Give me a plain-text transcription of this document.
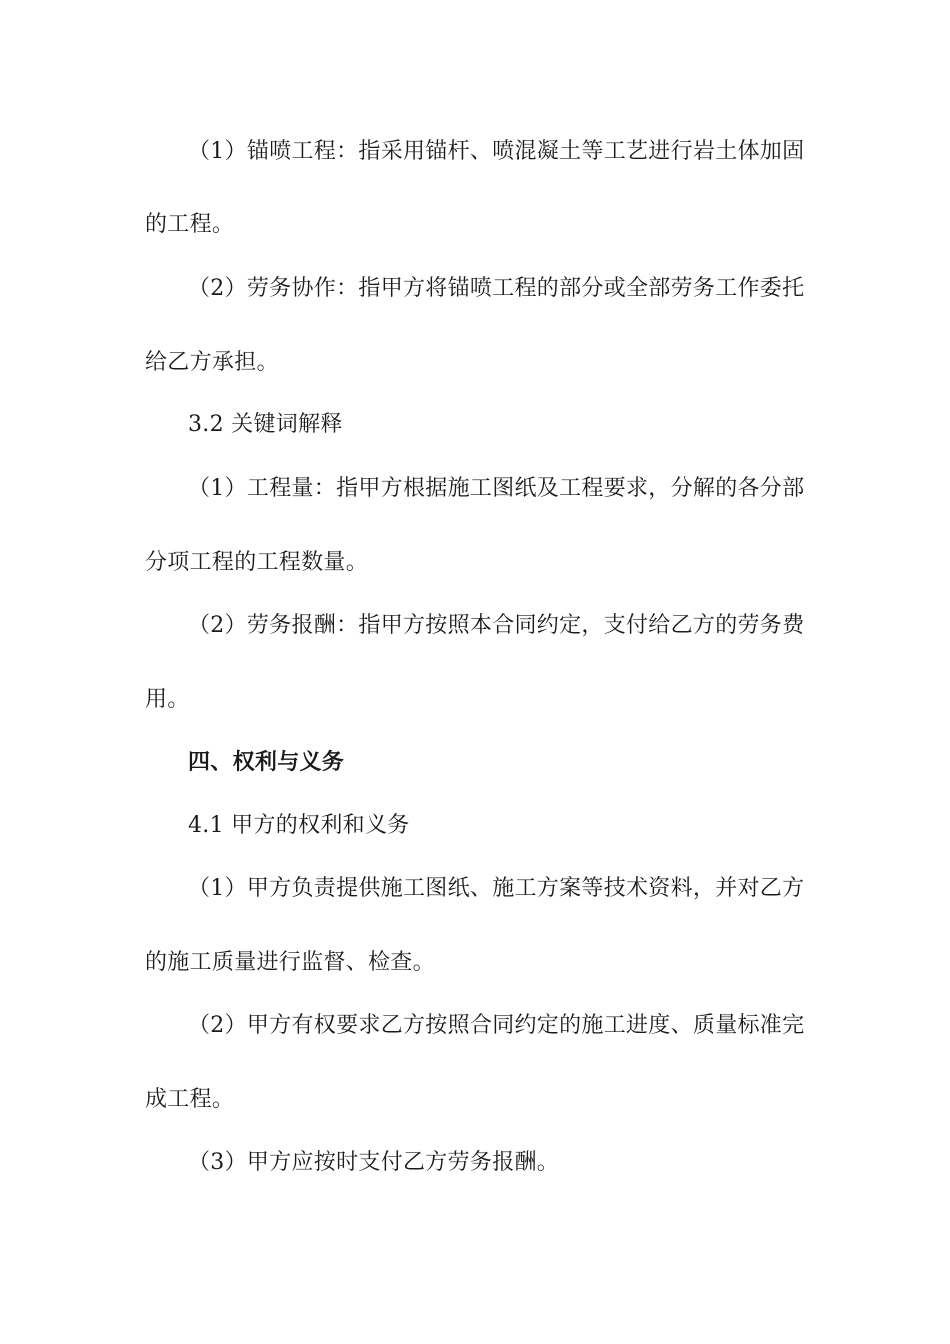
（1）锚喷工程：指采用锚杆、喷混凝土等工艺进行岩土体加固
的工程。
（2）劳务协作：指甲方将锚喷工程的部分或全部劳务工作委托
给乙方承担。
3.2 关键词解释
（1）工程量：指甲方根据施工图纸及工程要求，分解的各分部
分项工程的工程数量。
（2）劳务报酬：指甲方按照本合同约定，支付给乙方的劳务费
用。
四、权利与义务
4.1 甲方的权利和义务
（1）甲方负责提供施工图纸、施工方案等技术资料，并对乙方
的施工质量进行监督、检查。
（2）甲方有权要求乙方按照合同约定的施工进度、质量标准完
成工程。
（3）甲方应按时支付乙方劳务报酬。
